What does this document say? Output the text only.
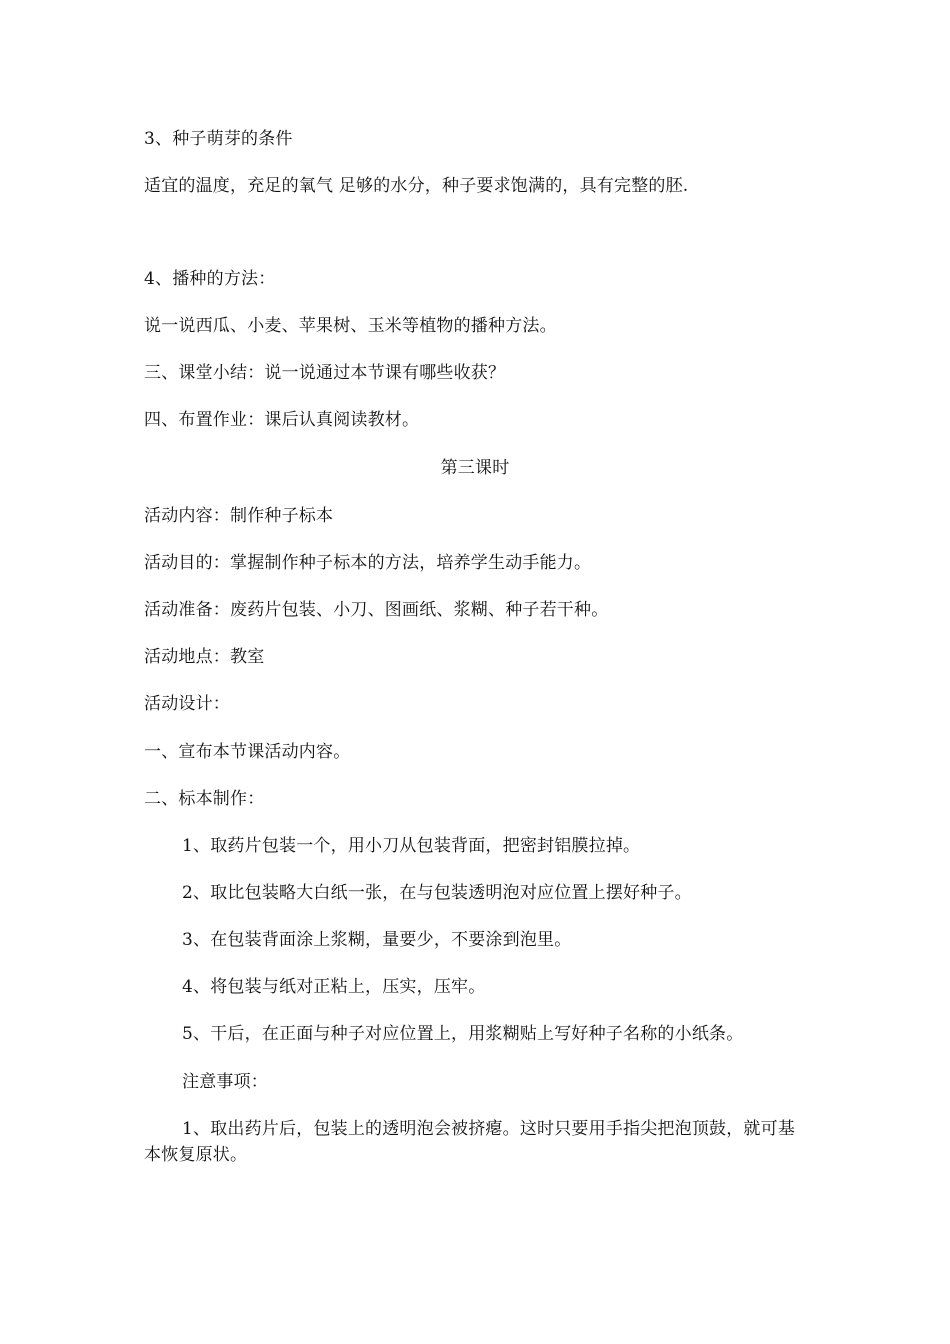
3、种子萌芽的条件
适宜的温度，充足的氧气 足够的水分，种子要求饱满的，具有完整的胚.
4、播种的方法：
说一说西瓜、小麦、苹果树、玉米等植物的播种方法。
三、课堂小结：说一说通过本节课有哪些收获？
四、布置作业：课后认真阅读教材。
第三课时
活动内容：制作种子标本
活动目的：掌握制作种子标本的方法，培养学生动手能力。
活动准备：废药片包装、小刀、图画纸、浆糊、种子若干种。
活动地点：教室
活动设计：
一、宣布本节课活动内容。
二、标本制作：
1、取药片包装一个，用小刀从包装背面，把密封铝膜拉掉。
2、取比包装略大白纸一张，在与包装透明泡对应位置上摆好种子。
3、在包装背面涂上浆糊，量要少，不要涂到泡里。
4、将包装与纸对正粘上，压实，压牢。
5、干后，在正面与种子对应位置上，用浆糊贴上写好种子名称的小纸条。
注意事项：
1、取出药片后，包装上的透明泡会被挤瘪。这时只要用手指尖把泡顶鼓，就可基本恢复原状。
